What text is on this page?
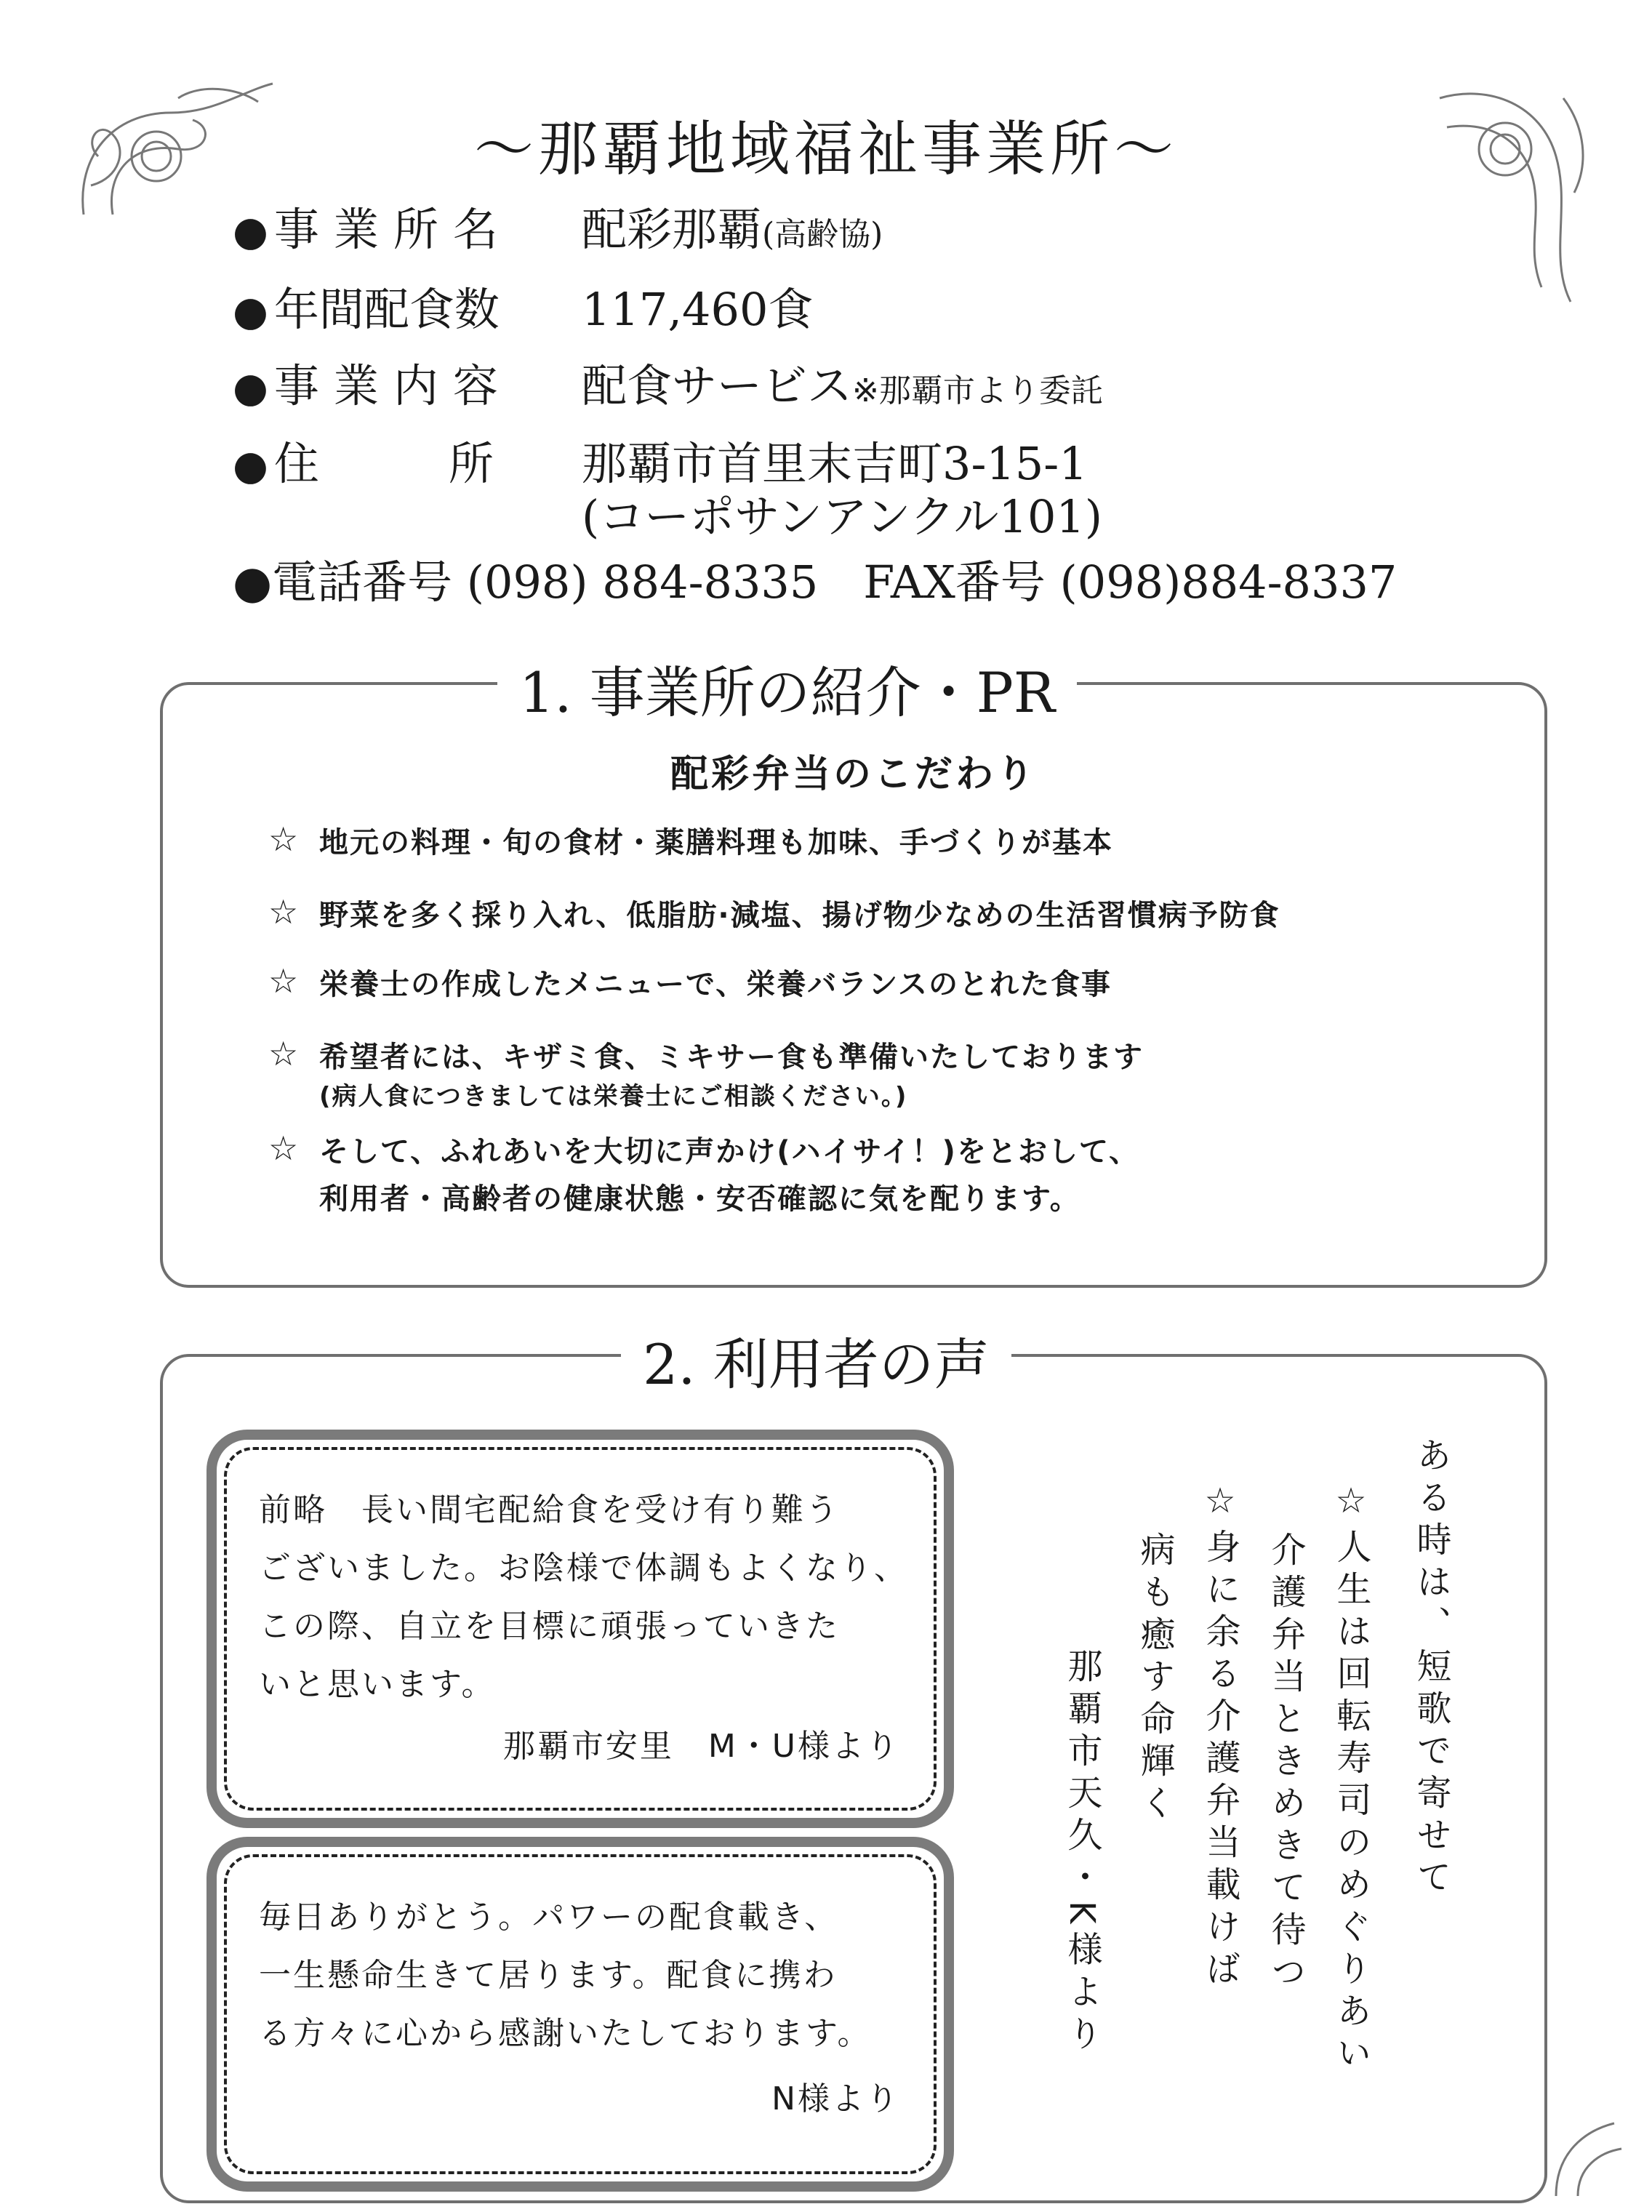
～那覇地域福祉事業所～
● 事業所名 配彩那覇(高齢協)
● 年間配食数 117,460食
● 事業内容 配食サービス※那覇市より委託
● 住　　所 那覇市首里末吉町3-15-1
(コーポサンアンクル101)
●電話番号 (098) 884-8335　FAX番号 (098)884-8337
1. 事業所の紹介・PR
配彩弁当のこだわり
☆ 地元の料理・旬の食材・薬膳料理も加味、手づくりが基本
☆ 野菜を多く採り入れ、低脂肪·減塩、揚げ物少なめの生活習慣病予防食
☆ 栄養士の作成したメニューで、栄養バランスのとれた食事
☆ 希望者には、キザミ食、ミキサー食も準備いたしております
(病人食につきましては栄養士にご相談ください。)
☆ そして、ふれあいを大切に声かけ(ハイサイ！)をとおして、
利用者・高齢者の健康状態・安否確認に気を配ります。
2. 利用者の声
前略　長い間宅配給食を受け有り難う
ございました。お陰様で体調もよくなり、
この際、自立を目標に頑張っていきた
いと思います。
那覇市安里　M・U様より
毎日ありがとう。パワーの配食載き、
一生懸命生きて居ります。配食に携わ
る方々に心から感謝いたしております。
N様より
ある時は、短歌で寄せて
☆人生は回転寿司のめぐりあい
介護弁当ときめきて待つ
☆身に余る介護弁当載けば
病も癒す命輝く
那覇市天久・K様より
